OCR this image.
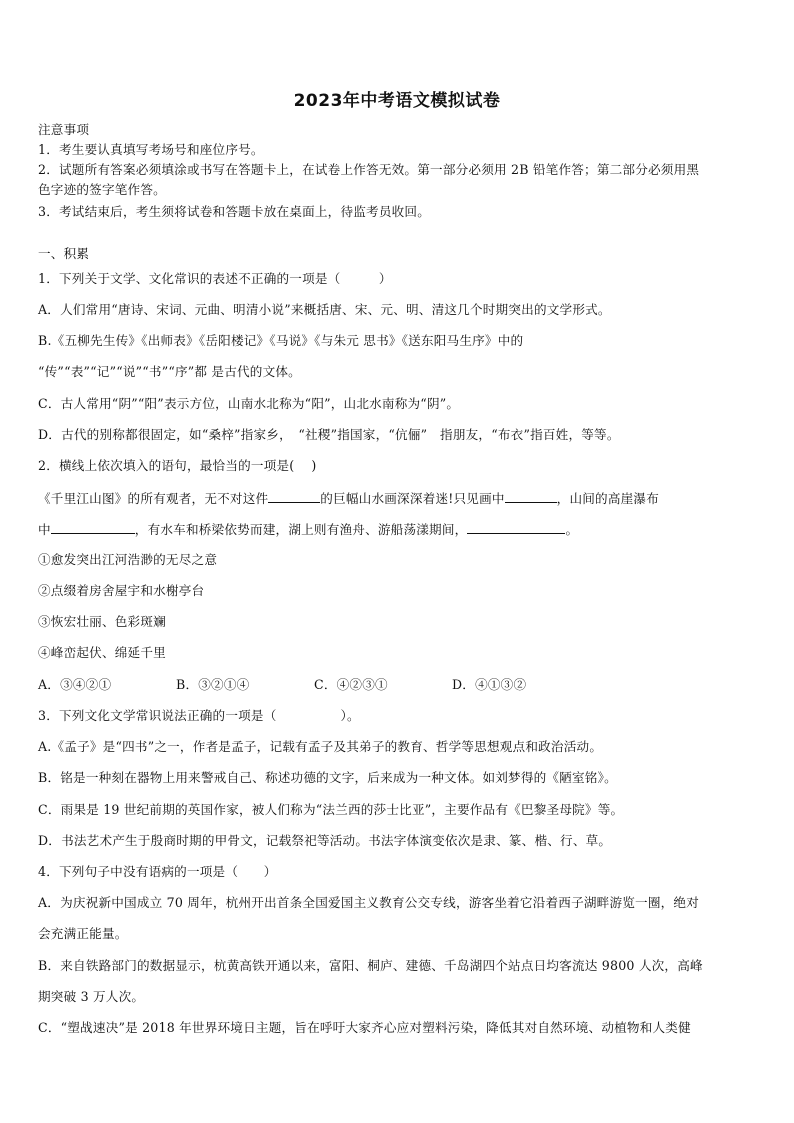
2023年中考语文模拟试卷
注意事项
1．考生要认真填写考场号和座位序号。
2．试题所有答案必须填涂或书写在答题卡上，在试卷上作答无效。第一部分必须用 2B 铅笔作答；第二部分必须用黑
色字迹的签字笔作答。
3．考试结束后，考生须将试卷和答题卡放在桌面上，待监考员收回。
一、积累
1．下列关于文学、文化常识的表述不正确的一项是（　　　）
A．人们常用“唐诗、宋词、元曲、明清小说”来概括唐、宋、元、明、清这几个时期突出的文学形式。
B.《五柳先生传》《出师表》《岳阳楼记》《马说》《与朱元 思书》《送东阳马生序》中的
“传”“表”“记”“说”“书”“序”都 是古代的文体。
C．古人常用“阴”“阳”表示方位，山南水北称为“阳”，山北水南称为“阴”。
D．古代的别称都很固定，如“桑梓”指家乡，　“社稷”指国家，“伉俪”　指朋友，“布衣”指百姓，等等。
2．横线上依次填入的语句，最恰当的一项是(　 )
《千里江山图》的所有观者，无不对这件	的巨幅山水画深深着迷!只见画中	，山间的高崖瀑布
中	，有水车和桥梁依势而建，湖上则有渔舟、游船荡漾期间，	。
①愈发突出江河浩渺的无尽之意
②点缀着房舍屋宇和水榭亭台
③恢宏壮丽、色彩斑斓
④峰峦起伏、绵延千里
A．③④②①	B．③②①④	C．④②③①	D．④①③②
3．下列文化文学常识说法正确的一项是（　　　　　）。
A.《孟子》是“四书”之一，作者是孟子，记载有孟子及其弟子的教育、哲学等思想观点和政治活动。
B．铭是一种刻在器物上用来警戒自己、称述功德的文字，后来成为一种文体。如刘梦得的《陋室铭》。
C．雨果是 19 世纪前期的英国作家，被人们称为“法兰西的莎士比亚”，主要作品有《巴黎圣母院》等。
D．书法艺术产生于殷商时期的甲骨文，记载祭祀等活动。书法字体演变依次是隶、篆、楷、行、草。
4．下列句子中没有语病的一项是（　　）
A．为庆祝新中国成立 70 周年，杭州开出首条全国爱国主义教育公交专线，游客坐着它沿着西子湖畔游览一圈，绝对
会充满正能量。
B．来自铁路部门的数据显示，杭黄高铁开通以来，富阳、桐庐、建德、千岛湖四个站点日均客流达 9800 人次，高峰
期突破 3 万人次。
C．“塑战速决”是 2018 年世界环境日主题，旨在呼吁大家齐心应对塑料污染，降低其对自然环境、动植物和人类健
